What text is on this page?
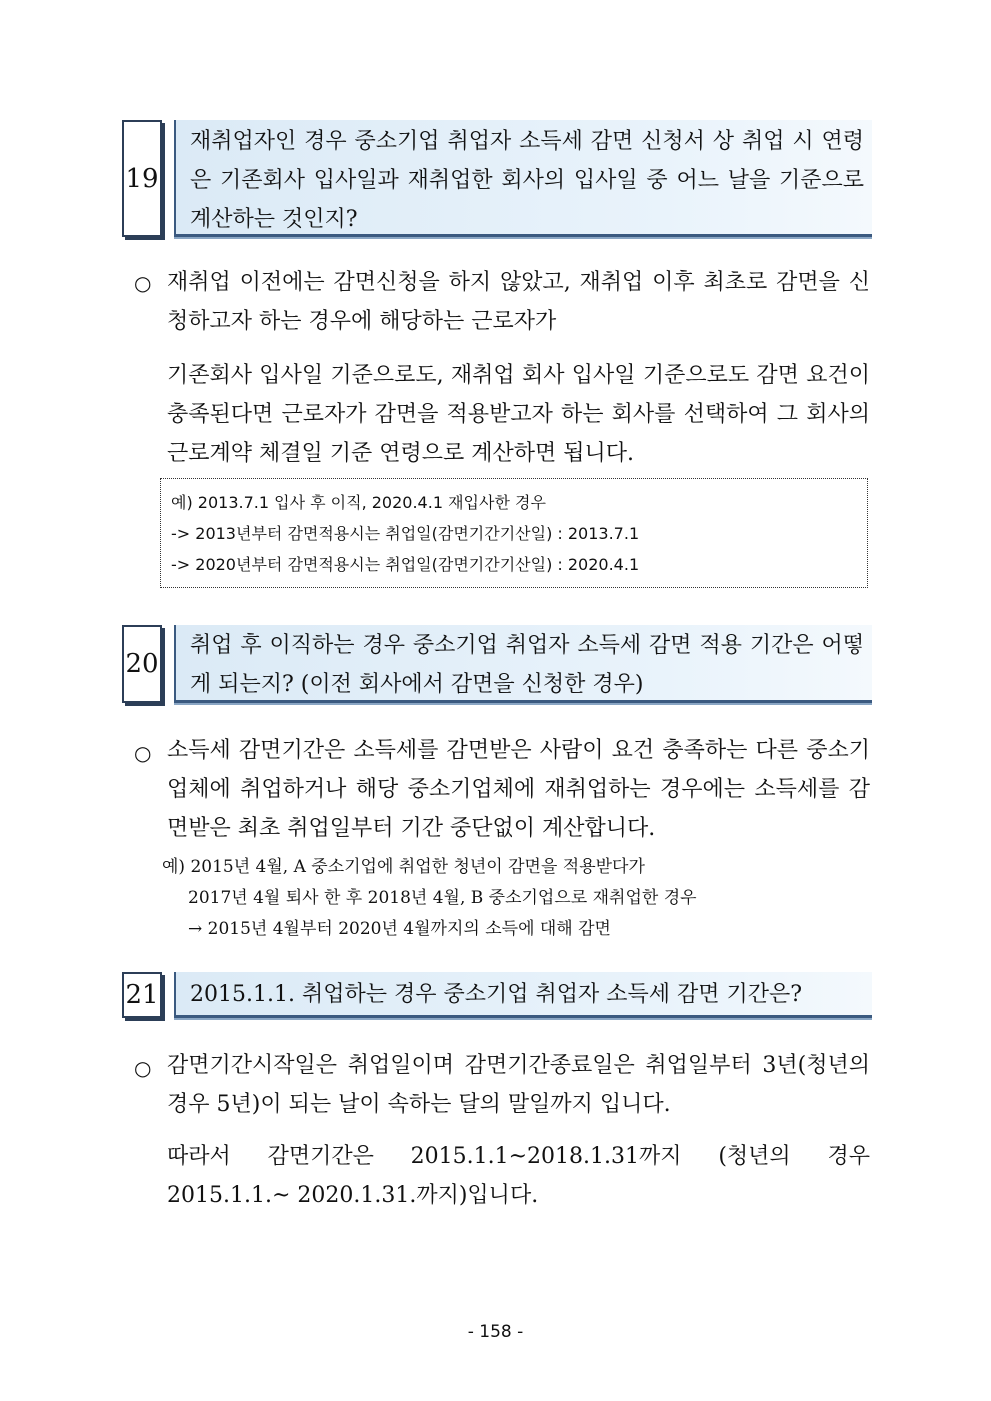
19
재취업자인 경우 중소기업 취업자 소득세 감면 신청서 상 취업 시 연령은 기존회사 입사일과 재취업한 회사의 입사일 중 어느 날을 기준으로 계산하는 것인지?
○ 재취업 이전에는 감면신청을 하지 않았고, 재취업 이후 최초로 감면을 신청하고자 하는 경우에 해당하는 근로자가
기존회사 입사일 기준으로도, 재취업 회사 입사일 기준으로도 감면 요건이 충족된다면 근로자가 감면을 적용받고자 하는 회사를 선택하여 그 회사의 근로계약 체결일 기준 연령으로 계산하면 됩니다.
예) 2013.7.1 입사 후 이직, 2020.4.1 재입사한 경우
-> 2013년부터 감면적용시는 취업일(감면기간기산일) : 2013.7.1
-> 2020년부터 감면적용시는 취업일(감면기간기산일) : 2020.4.1
20
취업 후 이직하는 경우 중소기업 취업자 소득세 감면 적용 기간은 어떻게 되는지? (이전 회사에서 감면을 신청한 경우)
○ 소득세 감면기간은 소득세를 감면받은 사람이 요건 충족하는 다른 중소기업체에 취업하거나 해당 중소기업체에 재취업하는 경우에는 소득세를 감면받은 최초 취업일부터 기간 중단없이 계산합니다.
예) 2015년 4월, A 중소기업에 취업한 청년이 감면을 적용받다가
2017년 4월 퇴사 한 후 2018년 4월, B 중소기업으로 재취업한 경우
→ 2015년 4월부터 2020년 4월까지의 소득에 대해 감면
21 2015.1.1. 취업하는 경우 중소기업 취업자 소득세 감면 기간은?
○ 감면기간시작일은 취업일이며 감면기간종료일은 취업일부터 3년(청년의 경우 5년)이 되는 날이 속하는 달의 말일까지 입니다.
따라서 감면기간은 2015.1.1~2018.1.31까지 (청년의 경우 2015.1.1.~ 2020.1.31.까지)입니다.
- 158 -
